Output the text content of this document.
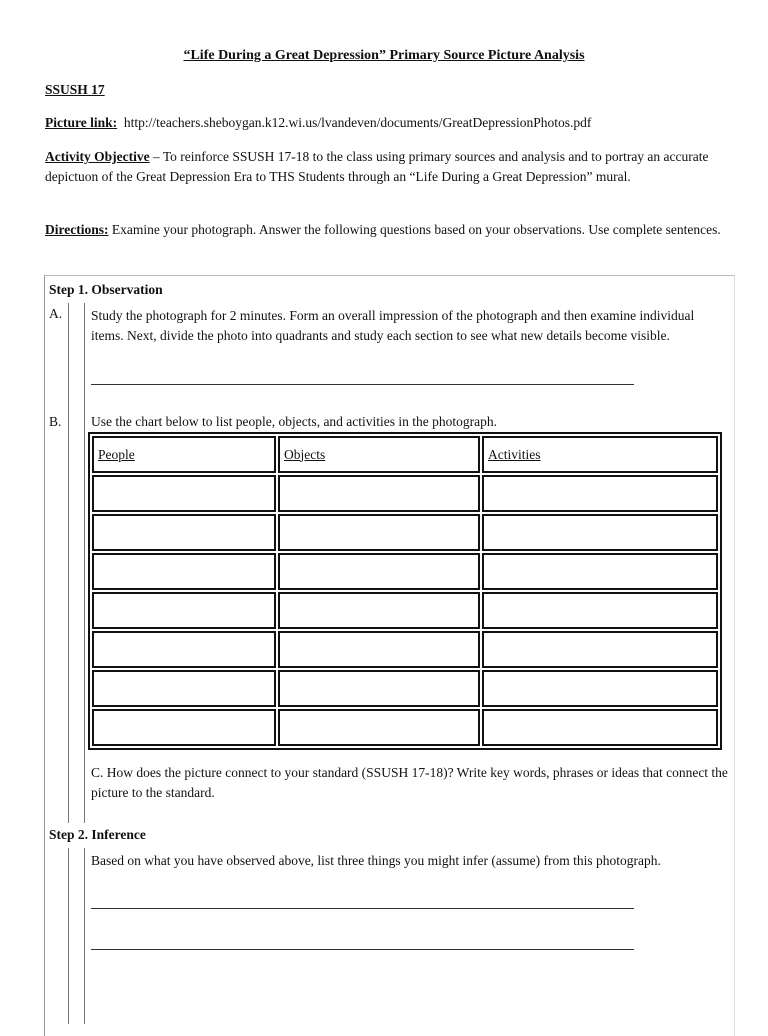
“Life During a Great Depression” Primary Source Picture Analysis
SSUSH 17
Picture link: http://teachers.sheboygan.k12.wi.us/lvandeven/documents/GreatDepressionPhotos.pdf
Activity Objective – To reinforce SSUSH 17-18 to the class using primary sources and analysis and to portray an accurate depictuon of the Great Depression Era to THS Students through an “Life During a Great Depression” mural.
Directions: Examine your photograph. Answer the following questions based on your observations. Use complete sentences.
Step 1. Observation
A. Study the photograph for 2 minutes. Form an overall impression of the photograph and then examine individual items. Next, divide the photo into quadrants and study each section to see what new details become visible.
B. Use the chart below to list people, objects, and activities in the photograph.
People	Objects	Activities

C. How does the picture connect to your standard (SSUSH 17-18)? Write key words, phrases or ideas that connect the picture to the standard.
Step 2. Inference
Based on what you have observed above, list three things you might infer (assume) from this photograph.
